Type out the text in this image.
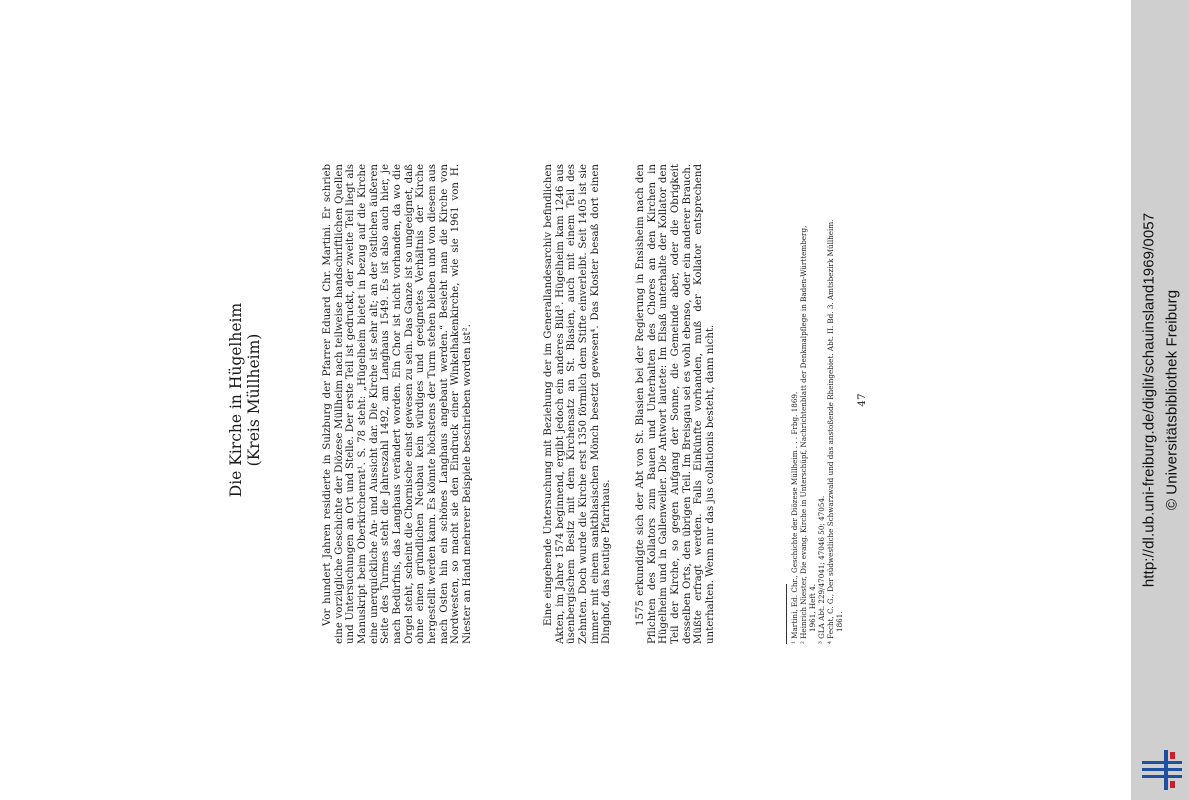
Die Kirche in Hügelheim (Kreis Müllheim)	Vor hundert Jahren residierte in Sulzburg der Pfarrer Eduard Chr. Martini. Er schrieb eine vorzügliche Geschichte der Diözese Müllheim nach teilweise handschriftlichen Quellen und Untersuchungen an Ort und Stelle. Der erste Teil ist gedruckt, der zweite Teil liegt als Manuskript beim Oberkirchenrat¹. S. 78 steht: „Hügelheim bietet in bezug auf die Kirche eine unerquickliche An- und Aussicht dar. Die Kirche ist sehr alt; an der östlichen äußeren Seite des Turmes steht die Jahreszahl 1492, am Langhaus 1549. Es ist also auch hier, je nach Bedürfnis, das Langhaus verändert worden. Ein Chor ist nicht vorhanden, da wo die Orgel steht, scheint die Chornische einst gewesen zu sein. Das Ganze ist so ungeeignet, daß ohne einen gründlichen Neubau kein würdiges und geeignetes Verhältnis der Kirche hergestellt werden kann. Es könnte höchstens der Turm stehen bleiben und von diesem aus nach Osten hin ein schönes Langhaus angebaut werden.“ Besieht man die Kirche von Nordwesten, so macht sie den Eindruck einer Winkelhakenkirche, wie sie 1961 von H. Niester an Hand mehrerer Beispiele beschrieben worden ist².	Eine eingehende Untersuchung mit Beziehung der im Generallandesarchiv befindlichen Akten, im Jahre 1574 beginnend, ergibt jedoch ein anderes Bild³. Hügelheim kam 1246 aus üsenbergischem Besitz mit dem Kirchensatz an St. Blasien, auch mit einem Teil des Zehnten. Doch wurde die Kirche erst 1350 förmlich dem Stifte einverleibt. Seit 1405 ist sie immer mit einem sanktblasischen Mönch besetzt gewesen⁴. Das Kloster besaß dort einen Dinghof, das heutige Pfarrhaus.	1575 erkundigte sich der Abt von St. Blasien bei der Regierung in Ensisheim nach den Pflichten des Kollators zum Bauen und Unterhalten des Chores an den Kirchen in Hügelheim und in Gallenweiler. Die Antwort lautete: Im Elsaß unterhalte der Kollator den Teil der Kirche, so gegen Aufgang der Sonne, die Gemeinde aber, oder die Obrigkeit desselben Orts, den übrigen Teil. Im Breisgau sei es wohl ebenso, oder ein anderer Brauch. Müßte erfragt werden. Falls Einkünfte vorhanden, muß der Kollator entsprechend unterhalten. Wenn nur das jus collationis besteht, dann nicht.	¹ Martini, Ed. Chr., Geschichte der Diözese Müllheim . . . Frbg. 1869. ² Heinrich Niester, Die evang. Kirche in Unterschüpf, Nachrichtenblatt der Denkmalpflege in Baden-Württemberg, 1961, Heft 4. ³ GLA Abt. 229/47041; 47046 50; 47054. ⁴ Fecht, C. G., Der südwestliche Schwarzwald und das anstoßende Rheingebiet. Abt. II. Bd. 3. Amtsbezirk Müllheim. 1861.
47	http://dl.ub.uni-freiburg.de/diglit/schauinsland1969/0057 © Universitätsbibliothek Freiburg
